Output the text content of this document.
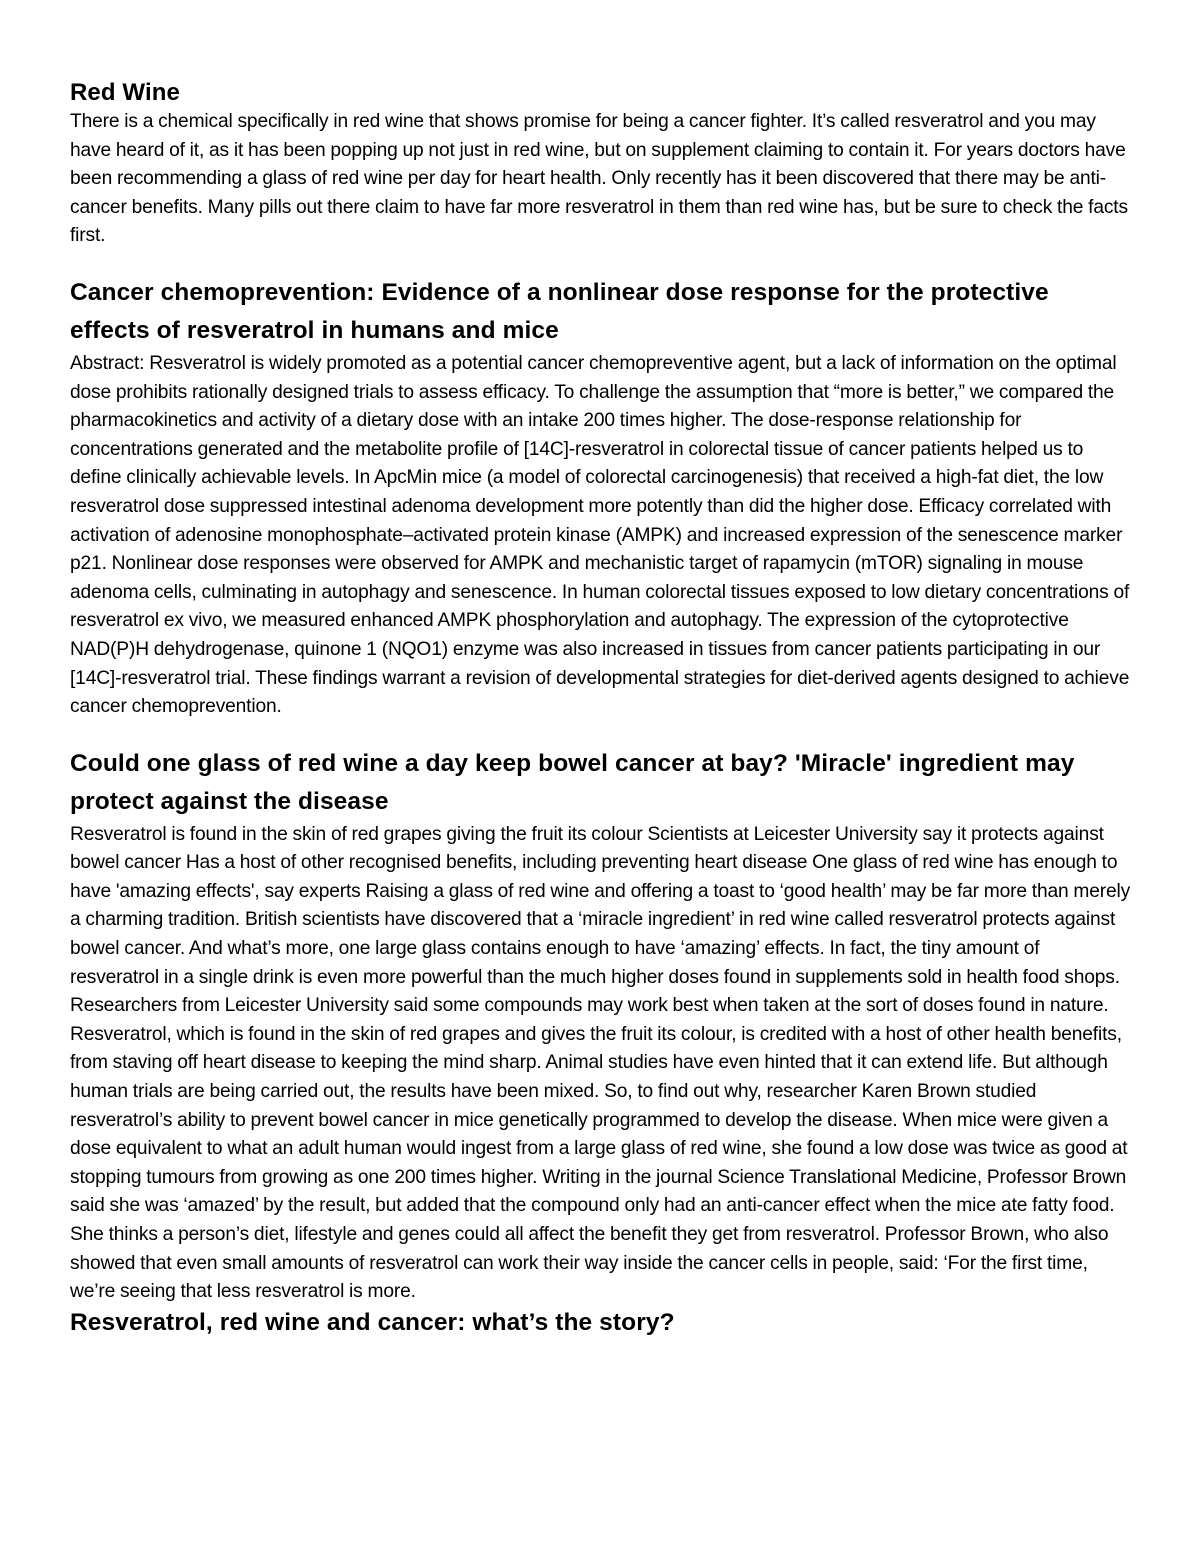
Red Wine

There is a chemical specifically in red wine that shows promise for being a cancer fighter. It’s called resveratrol and you may have heard of it, as it has been popping up not just in red wine, but on supplement claiming to contain it. For years doctors have been recommending a glass of red wine per day for heart health. Only recently has it been discovered that there may be anti-cancer benefits. Many pills out there claim to have far more resveratrol in them than red wine has, but be sure to check the facts first.

Cancer chemoprevention: Evidence of a nonlinear dose response for the protective effects of resveratrol in humans and mice

Abstract: Resveratrol is widely promoted as a potential cancer chemopreventive agent, but a lack of information on the optimal dose prohibits rationally designed trials to assess efficacy. To challenge the assumption that “more is better,” we compared the pharmacokinetics and activity of a dietary dose with an intake 200 times higher. The dose-response relationship for concentrations generated and the metabolite profile of [14C]-resveratrol in colorectal tissue of cancer patients helped us to define clinically achievable levels. In ApcMin mice (a model of colorectal carcinogenesis) that received a high-fat diet, the low resveratrol dose suppressed intestinal adenoma development more potently than did the higher dose. Efficacy correlated with activation of adenosine monophosphate–activated protein kinase (AMPK) and increased expression of the senescence marker p21. Nonlinear dose responses were observed for AMPK and mechanistic target of rapamycin (mTOR) signaling in mouse adenoma cells, culminating in autophagy and senescence. In human colorectal tissues exposed to low dietary concentrations of resveratrol ex vivo, we measured enhanced AMPK phosphorylation and autophagy. The expression of the cytoprotective NAD(P)H dehydrogenase, quinone 1 (NQO1) enzyme was also increased in tissues from cancer patients participating in our [14C]-resveratrol trial. These findings warrant a revision of developmental strategies for diet-derived agents designed to achieve cancer chemoprevention.

Could one glass of red wine a day keep bowel cancer at bay? 'Miracle' ingredient may protect against the disease

Resveratrol is found in the skin of red grapes giving the fruit its colour Scientists at Leicester University say it protects against bowel cancer Has a host of other recognised benefits, including preventing heart disease One glass of red wine has enough to have 'amazing effects', say experts Raising a glass of red wine and offering a toast to ‘good health’ may be far more than merely a charming tradition. British scientists have discovered that a ‘miracle ingredient’ in red wine called resveratrol protects against bowel cancer. And what’s more, one large glass contains enough to have ‘amazing’ effects. In fact, the tiny amount of resveratrol in a single drink is even more powerful than the much higher doses found in supplements sold in health food shops. Researchers from Leicester University said some compounds may work best when taken at the sort of doses found in nature. Resveratrol, which is found in the skin of red grapes and gives the fruit its colour, is credited with a host of other health benefits, from staving off heart disease to keeping the mind sharp. Animal studies have even hinted that it can extend life. But although human trials are being carried out, the results have been mixed. So, to find out why, researcher Karen Brown studied resveratrol’s ability to prevent bowel cancer in mice genetically programmed to develop the disease. When mice were given a dose equivalent to what an adult human would ingest from a large glass of red wine, she found a low dose was twice as good at stopping tumours from growing as one 200 times higher. Writing in the journal Science Translational Medicine, Professor Brown said she was ‘amazed’ by the result, but added that the compound only had an anti-cancer effect when the mice ate fatty food. She thinks a person’s diet, lifestyle and genes could all affect the benefit they get from resveratrol. Professor Brown, who also showed that even small amounts of resveratrol can work their way inside the cancer cells in people, said: ‘For the first time, we’re seeing that less resveratrol is more.

Resveratrol, red wine and cancer: what’s the story?
